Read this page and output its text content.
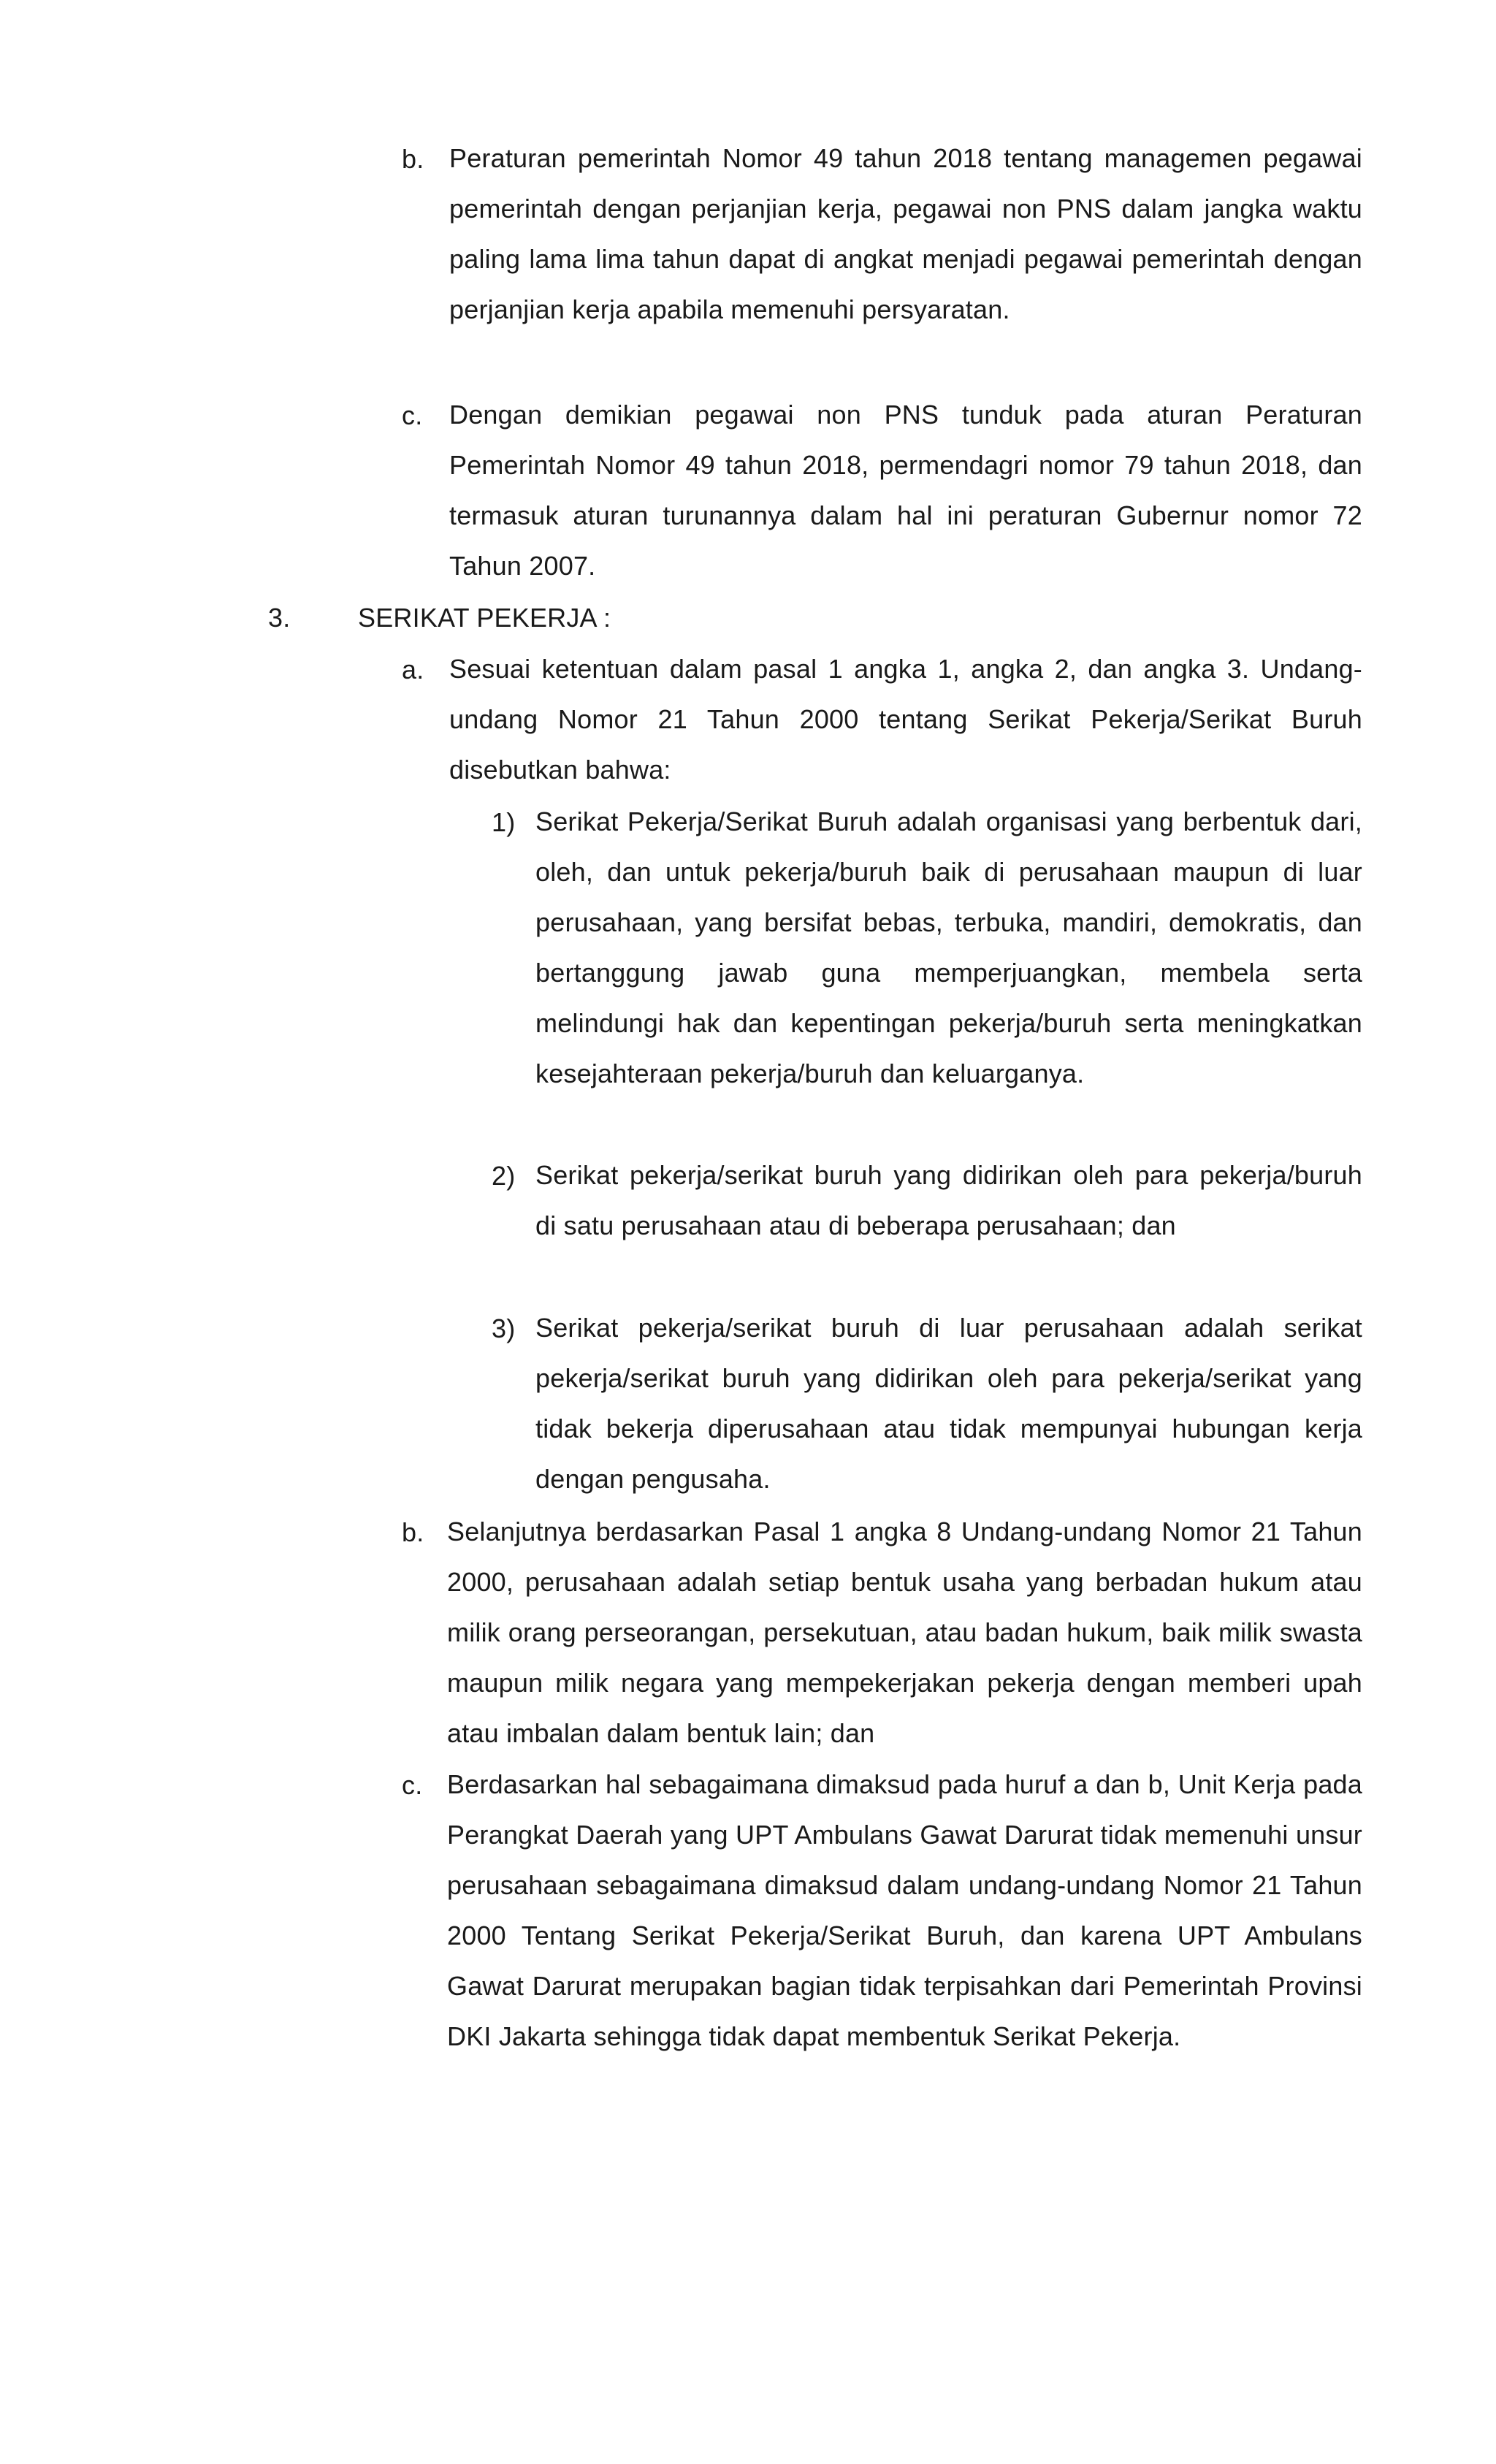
b. Peraturan pemerintah Nomor 49 tahun 2018 tentang managemen pegawai pemerintah dengan perjanjian kerja, pegawai non PNS dalam jangka waktu paling lama lima tahun dapat di angkat menjadi pegawai pemerintah dengan perjanjian kerja apabila memenuhi persyaratan.
c. Dengan demikian pegawai non PNS tunduk pada aturan Peraturan Pemerintah Nomor 49 tahun 2018, permendagri nomor 79 tahun 2018, dan termasuk aturan turunannya dalam hal ini peraturan Gubernur nomor 72 Tahun 2007.
3.	SERIKAT PEKERJA :
a. Sesuai ketentuan dalam pasal 1 angka 1, angka 2, dan angka 3. Undang-undang Nomor 21 Tahun 2000 tentang Serikat Pekerja/Serikat Buruh disebutkan bahwa:
1) Serikat Pekerja/Serikat Buruh adalah organisasi yang berbentuk dari, oleh, dan untuk pekerja/buruh baik di perusahaan maupun di luar perusahaan, yang bersifat bebas, terbuka, mandiri, demokratis, dan bertanggung jawab guna memperjuangkan, membela serta melindungi hak dan kepentingan pekerja/buruh serta meningkatkan kesejahteraan pekerja/buruh dan keluarganya.
2) Serikat pekerja/serikat buruh yang didirikan oleh para pekerja/buruh di satu perusahaan atau di beberapa perusahaan; dan
3) Serikat pekerja/serikat buruh di luar perusahaan adalah serikat pekerja/serikat buruh yang didirikan oleh para pekerja/serikat yang tidak bekerja diperusahaan atau tidak mempunyai hubungan kerja dengan pengusaha.
b. Selanjutnya berdasarkan Pasal 1 angka 8 Undang-undang Nomor 21 Tahun 2000, perusahaan adalah setiap bentuk usaha yang berbadan hukum atau milik orang perseorangan, persekutuan, atau badan hukum, baik milik swasta maupun milik negara yang mempekerjakan pekerja dengan memberi upah atau imbalan dalam bentuk lain; dan
c. Berdasarkan hal sebagaimana dimaksud pada huruf a dan b, Unit Kerja pada Perangkat Daerah yang UPT Ambulans Gawat Darurat tidak memenuhi unsur perusahaan sebagaimana dimaksud dalam undang-undang Nomor 21 Tahun 2000 Tentang Serikat Pekerja/Serikat Buruh, dan karena UPT Ambulans Gawat Darurat merupakan bagian tidak terpisahkan dari Pemerintah Provinsi DKI Jakarta sehingga tidak dapat membentuk Serikat Pekerja.
